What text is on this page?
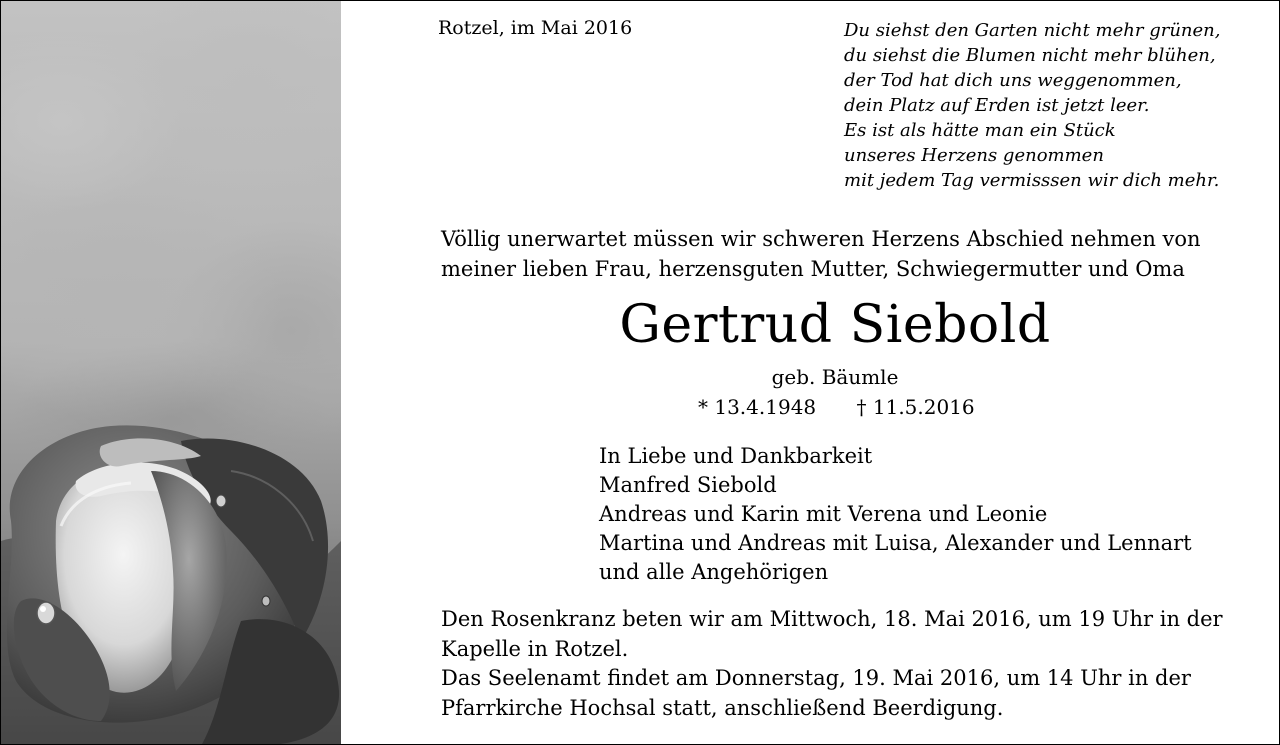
Rotzel, im Mai 2016	Du siehst den Garten nicht mehr grünen,
du siehst die Blumen nicht mehr blühen,
der Tod hat dich uns weggenommen,
dein Platz auf Erden ist jetzt leer.
Es ist als hätte man ein Stück
unseres Herzens genommen
mit jedem Tag vermisssen wir dich mehr.
Völlig unerwartet müssen wir schweren Herzens Abschied nehmen von
meiner lieben Frau, herzensguten Mutter, Schwiegermutter und Oma
Gertrud Siebold
geb. Bäumle
* 13.4.1948 † 11.5.2016
In Liebe und Dankbarkeit
Manfred Siebold
Andreas und Karin mit Verena und Leonie
Martina und Andreas mit Luisa, Alexander und Lennart
und alle Angehörigen
Den Rosenkranz beten wir am Mittwoch, 18. Mai 2016, um 19 Uhr in der
Kapelle in Rotzel.
Das Seelenamt findet am Donnerstag, 19. Mai 2016, um 14 Uhr in der
Pfarrkirche Hochsal statt, anschließend Beerdigung.
